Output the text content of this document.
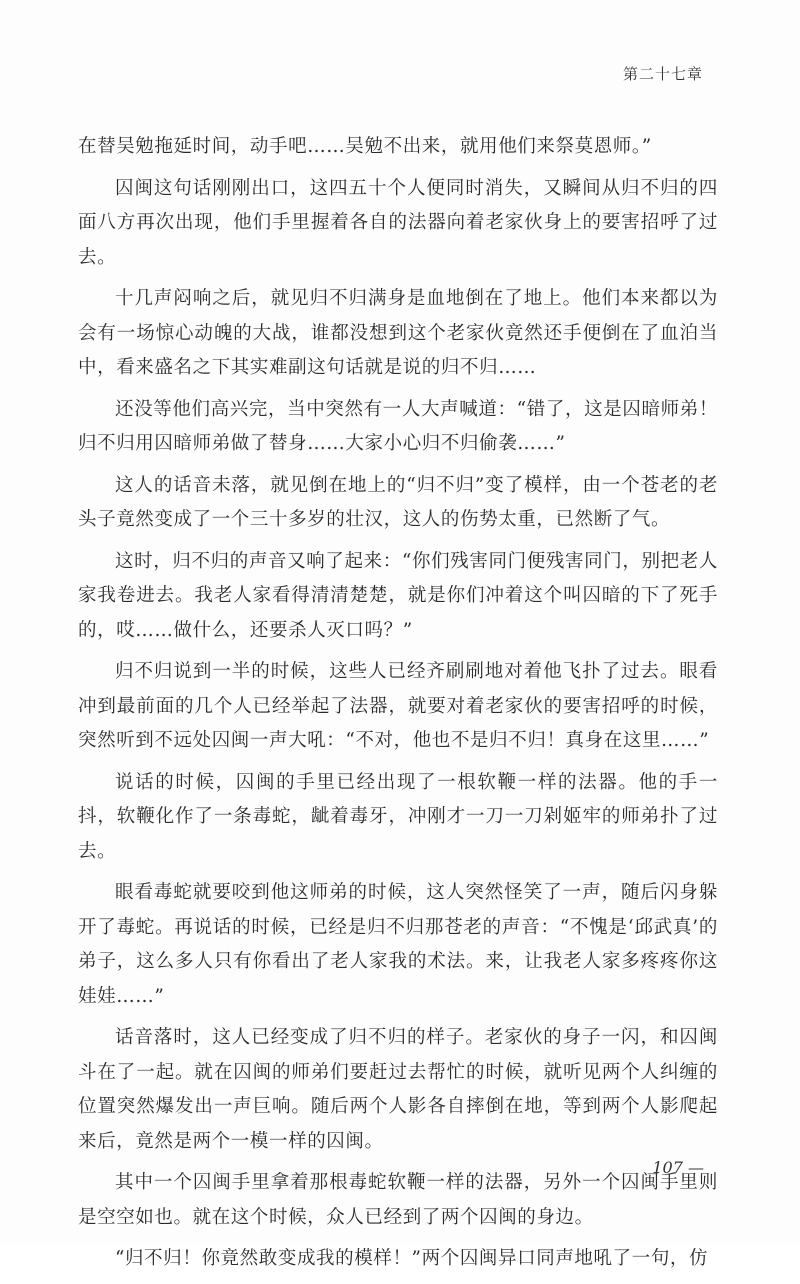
第二十七章

在替吴勉拖延时间，动手吧……吴勉不出来，就用他们来祭莫恩师。”

囚闽这句话刚刚出口，这四五十个人便同时消失，又瞬间从归不归的四面八方再次出现，他们手里握着各自的法器向着老家伙身上的要害招呼了过去。

十几声闷响之后，就见归不归满身是血地倒在了地上。他们本来都以为会有一场惊心动魄的大战，谁都没想到这个老家伙竟然还手便倒在了血泊当中，看来盛名之下其实难副这句话就是说的归不归……

还没等他们高兴完，当中突然有一人大声喊道：“错了，这是囚暗师弟！归不归用囚暗师弟做了替身……大家小心归不归偷袭……”

这人的话音未落，就见倒在地上的“归不归”变了模样，由一个苍老的老头子竟然变成了一个三十多岁的壮汉，这人的伤势太重，已然断了气。

这时，归不归的声音又响了起来：“你们残害同门便残害同门，别把老人家我卷进去。我老人家看得清清楚楚，就是你们冲着这个叫囚暗的下了死手的，哎……做什么，还要杀人灭口吗？”

归不归说到一半的时候，这些人已经齐刷刷地对着他飞扑了过去。眼看冲到最前面的几个人已经举起了法器，就要对着老家伙的要害招呼的时候，突然听到不远处囚闽一声大吼：“不对，他也不是归不归！真身在这里……”

说话的时候，囚闽的手里已经出现了一根软鞭一样的法器。他的手一抖，软鞭化作了一条毒蛇，龇着毒牙，冲刚才一刀一刀剁姬牢的师弟扑了过去。

眼看毒蛇就要咬到他这师弟的时候，这人突然怪笑了一声，随后闪身躲开了毒蛇。再说话的时候，已经是归不归那苍老的声音：“不愧是‘邱武真’的弟子，这么多人只有你看出了老人家我的术法。来，让我老人家多疼疼你这娃娃……”

话音落时，这人已经变成了归不归的样子。老家伙的身子一闪，和囚闽斗在了一起。就在囚闽的师弟们要赶过去帮忙的时候，就听见两个人纠缠的位置突然爆发出一声巨响。随后两个人影各自摔倒在地，等到两个人影爬起来后，竟然是两个一模一样的囚闽。

其中一个囚闽手里拿着那根毒蛇软鞭一样的法器，另外一个囚闽手里则是空空如也。就在这个时候，众人已经到了两个囚闽的身边。

“归不归！你竟然敢变成我的模样！”两个囚闽异口同声地吼了一句，仿

107 —
